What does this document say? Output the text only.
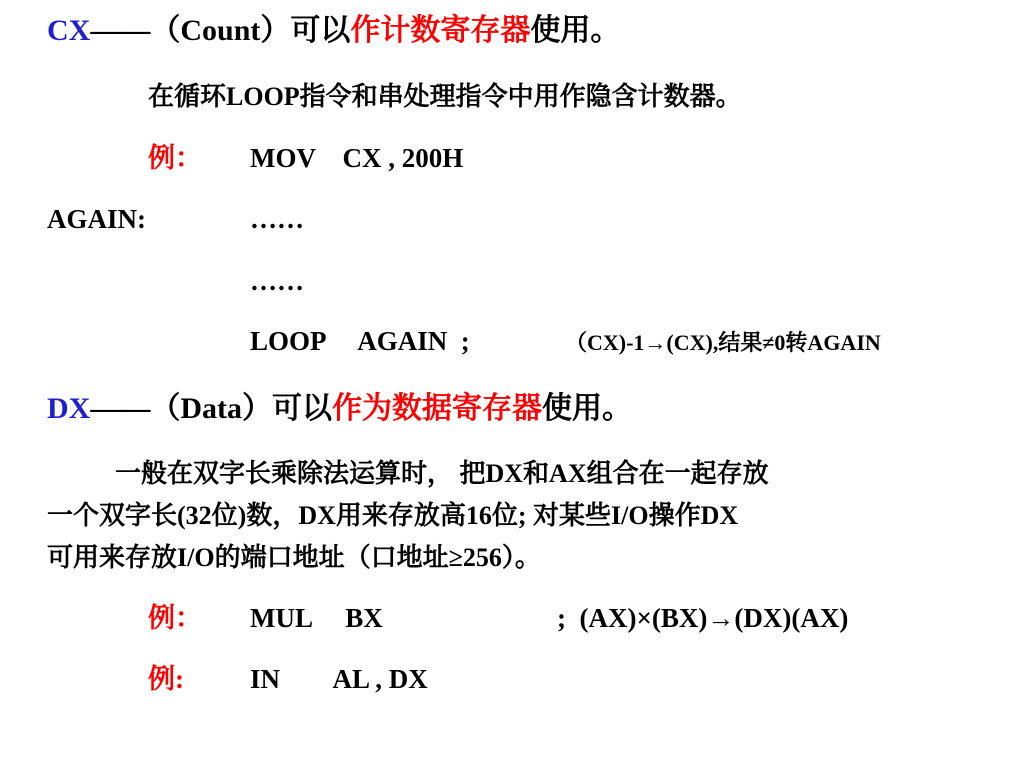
CX——（Count）可以作计数寄存器使用。
在循环LOOP指令和串处理指令中用作隐含计数器。
例： MOV    CX , 200H
AGAIN:	……
……
LOOP     AGAIN  ;	（CX)-1→(CX),结果≠0转AGAIN
DX——（Data）可以作为数据寄存器使用。
一般在双字长乘除法运算时， 把DX和AX组合在一起存放
一个双字长(32位)数，DX用来存放高16位; 对某些I/O操作DX
可用来存放I/O的端口地址（口地址≥256）。
例： MUL     BX	;  (AX)×(BX)→(DX)(AX)
例: IN        AL , DX
